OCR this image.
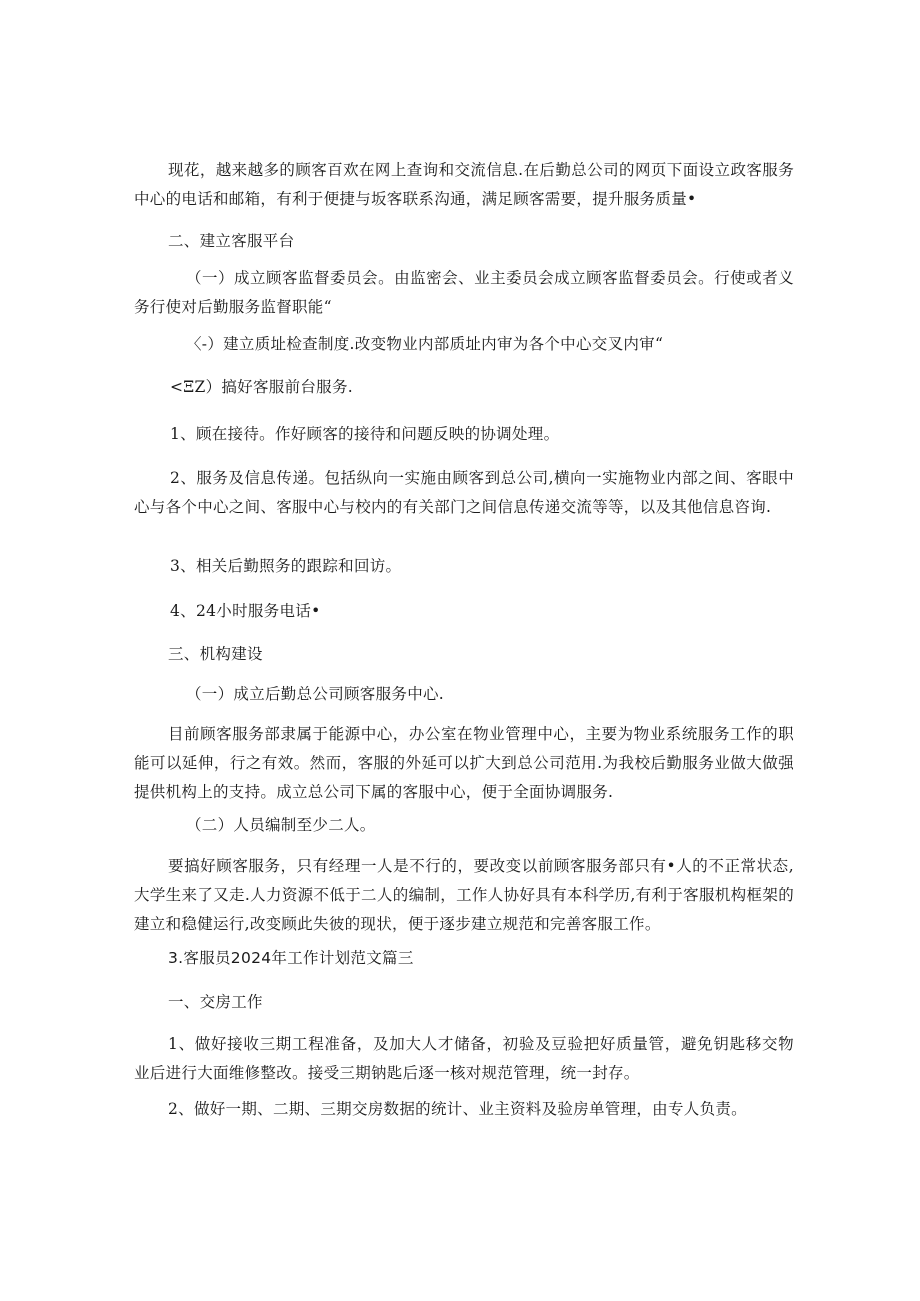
现花，越来越多的顾客百欢在网上查询和交流信息.在后勤总公司的网页下面设立政客服务中心的电话和邮箱，有利于便捷与坂客联系沟通，满足顾客需要，提升服务质量•

二、建立客服平台

（一）成立顾客监督委员会。由监密会、业主委员会成立顾客监督委员会。行使或者义务行使对后勤服务监督职能“

〈-）建立质址检查制度.改变物业内部质址内审为各个中心交叉内审“

<ΞZ）搞好客服前台服务.

1、顾在接待。作好顾客的接待和问题反映的协调处理。

2、服务及信息传递。包括纵向一实施由顾客到总公司,横向一实施物业内部之间、客眼中心与各个中心之间、客服中心与校内的有关部门之间信息传递交流等等，以及其他信息咨询.

3、相关后勤照务的跟踪和回访。

4、24小时服务电话•

三、机构建设

（一）成立后勤总公司顾客服务中心.

目前顾客服务部隶属于能源中心，办公室在物业管理中心，主要为物业系统服务工作的职能可以延伸，行之有效。然而，客服的外延可以扩大到总公司范用.为我校后勤服务业做大做强提供机构上的支持。成立总公司下属的客服中心，便于全面协调服务.

（二）人员编制至少二人。

要搞好顾客服务，只有经理一人是不行的，要改变以前顾客服务部只有•人的不正常状态,大学生来了又走.人力资源不低于二人的编制，工作人协好具有本科学历,有利于客服机构框架的建立和稳健运行,改变顾此失彼的现状，便于逐步建立规范和完善客服工作。

3.客服员2024年工作计划范文篇三

一、交房工作

1、做好接收三期工程准备，及加大人才储备，初验及豆验把好质量管，避免钥匙移交物业后进行大面维修整改。接受三期钠匙后逐一核对规范管理，统一封存。

2、做好一期、二期、三期交房数据的统计、业主资料及验房单管理，由专人负责。
